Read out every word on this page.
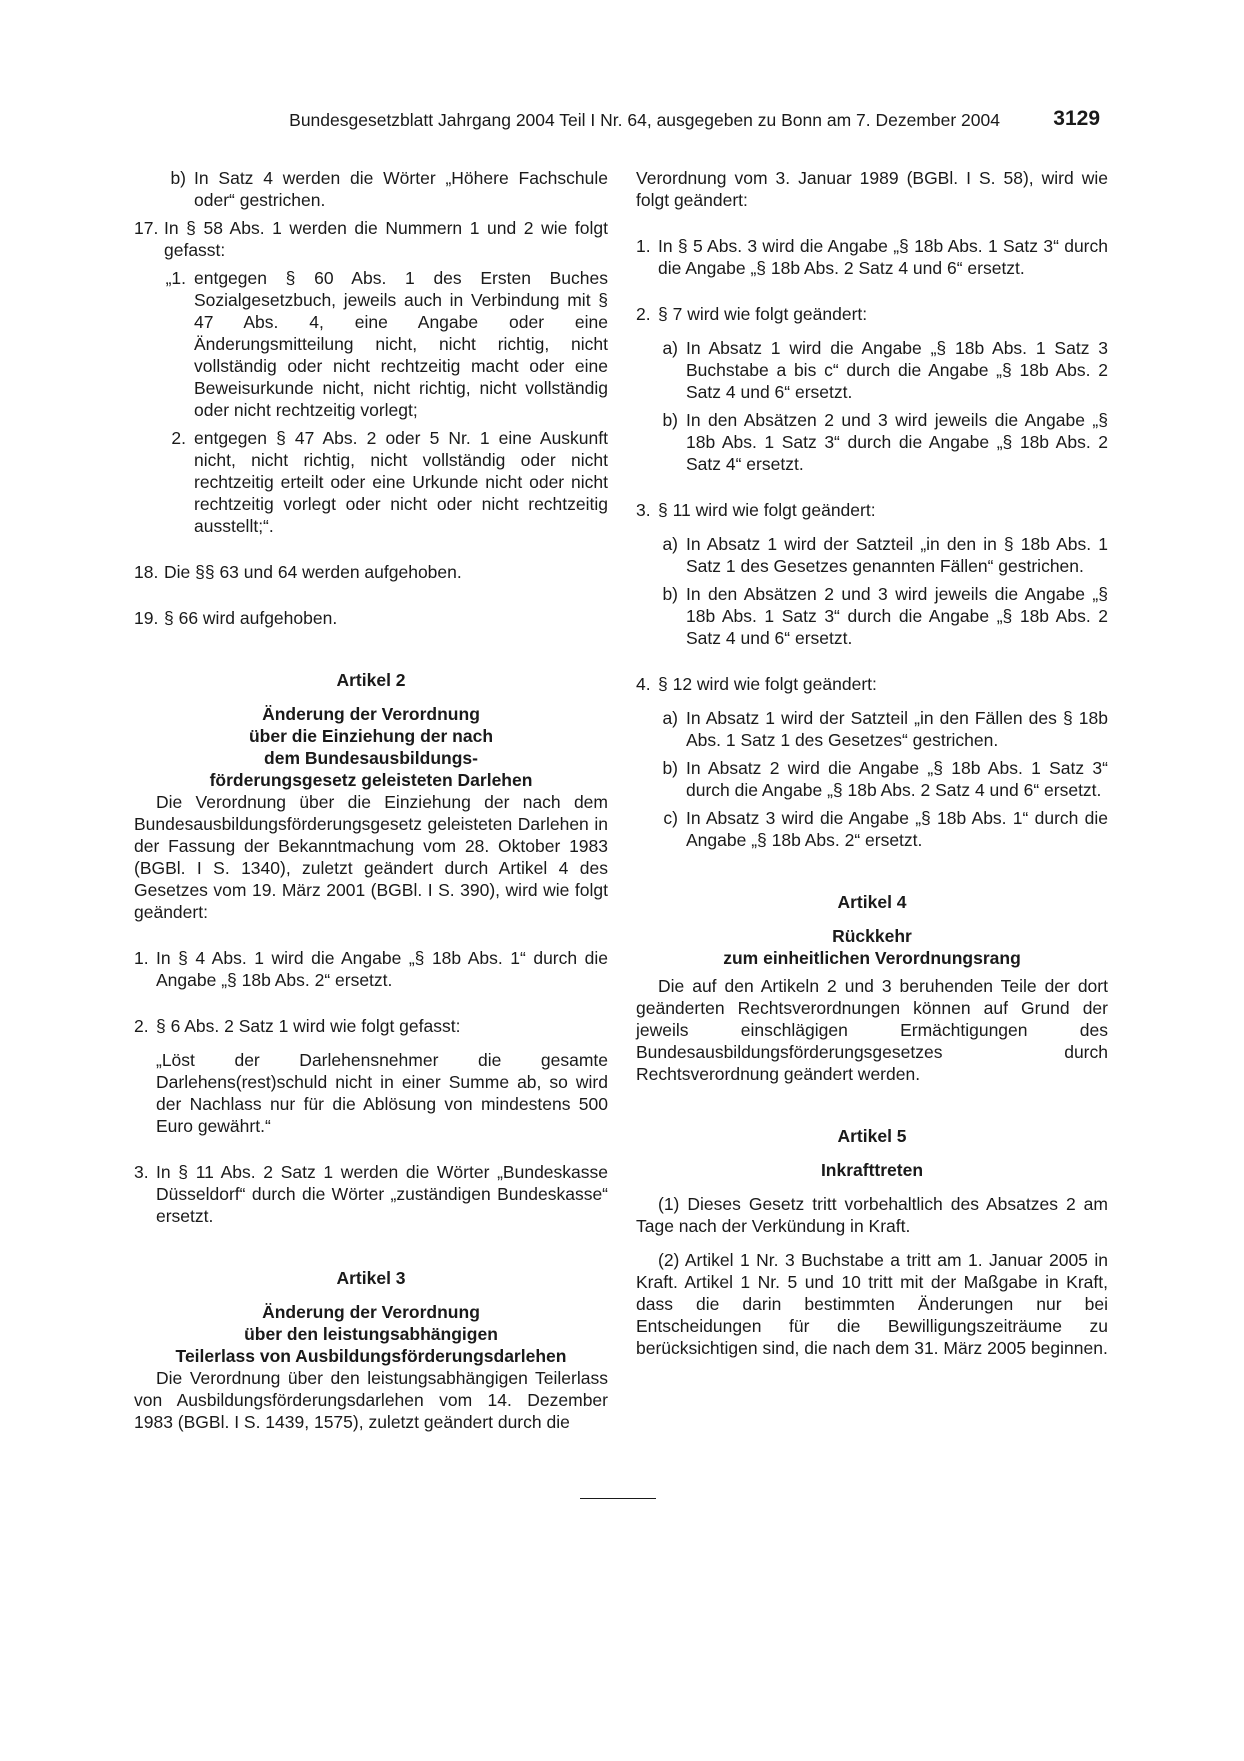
Bundesgesetzblatt Jahrgang 2004 Teil I Nr. 64, ausgegeben zu Bonn am 7. Dezember 2004	3129
b) In Satz 4 werden die Wörter „Höhere Fachschule oder“ gestrichen.
17. In § 58 Abs. 1 werden die Nummern 1 und 2 wie folgt gefasst:
„1. entgegen § 60 Abs. 1 des Ersten Buches Sozialgesetzbuch, jeweils auch in Verbindung mit § 47 Abs. 4, eine Angabe oder eine Änderungsmitteilung nicht, nicht richtig, nicht vollständig oder nicht rechtzeitig macht oder eine Beweisurkunde nicht, nicht richtig, nicht vollständig oder nicht rechtzeitig vorlegt;
2. entgegen § 47 Abs. 2 oder 5 Nr. 1 eine Auskunft nicht, nicht richtig, nicht vollständig oder nicht rechtzeitig erteilt oder eine Urkunde nicht oder nicht rechtzeitig vorlegt oder nicht oder nicht rechtzeitig ausstellt;“.
18. Die §§ 63 und 64 werden aufgehoben.
19. § 66 wird aufgehoben.
Artikel 2
Änderung der Verordnung
über die Einziehung der nach
dem Bundesausbildungs-
förderungsgesetz geleisteten Darlehen
Die Verordnung über die Einziehung der nach dem Bundesausbildungsförderungsgesetz geleisteten Darlehen in der Fassung der Bekanntmachung vom 28. Oktober 1983 (BGBl. I S. 1340), zuletzt geändert durch Artikel 4 des Gesetzes vom 19. März 2001 (BGBl. I S. 390), wird wie folgt geändert:
1. In § 4 Abs. 1 wird die Angabe „§ 18b Abs. 1“ durch die Angabe „§ 18b Abs. 2“ ersetzt.
2. § 6 Abs. 2 Satz 1 wird wie folgt gefasst:
„Löst der Darlehensnehmer die gesamte Darlehens(rest)schuld nicht in einer Summe ab, so wird der Nachlass nur für die Ablösung von mindestens 500 Euro gewährt.“
3. In § 11 Abs. 2 Satz 1 werden die Wörter „Bundeskasse Düsseldorf“ durch die Wörter „zuständigen Bundeskasse“ ersetzt.
Artikel 3
Änderung der Verordnung
über den leistungsabhängigen
Teilerlass von Ausbildungsförderungsdarlehen
Die Verordnung über den leistungsabhängigen Teilerlass von Ausbildungsförderungsdarlehen vom 14. Dezember 1983 (BGBl. I S. 1439, 1575), zuletzt geändert durch die
Verordnung vom 3. Januar 1989 (BGBl. I S. 58), wird wie folgt geändert:
1. In § 5 Abs. 3 wird die Angabe „§ 18b Abs. 1 Satz 3“ durch die Angabe „§ 18b Abs. 2 Satz 4 und 6“ ersetzt.
2. § 7 wird wie folgt geändert:
a) In Absatz 1 wird die Angabe „§ 18b Abs. 1 Satz 3 Buchstabe a bis c“ durch die Angabe „§ 18b Abs. 2 Satz 4 und 6“ ersetzt.
b) In den Absätzen 2 und 3 wird jeweils die Angabe „§ 18b Abs. 1 Satz 3“ durch die Angabe „§ 18b Abs. 2 Satz 4“ ersetzt.
3. § 11 wird wie folgt geändert:
a) In Absatz 1 wird der Satzteil „in den in § 18b Abs. 1 Satz 1 des Gesetzes genannten Fällen“ gestrichen.
b) In den Absätzen 2 und 3 wird jeweils die Angabe „§ 18b Abs. 1 Satz 3“ durch die Angabe „§ 18b Abs. 2 Satz 4 und 6“ ersetzt.
4. § 12 wird wie folgt geändert:
a) In Absatz 1 wird der Satzteil „in den Fällen des § 18b Abs. 1 Satz 1 des Gesetzes“ gestrichen.
b) In Absatz 2 wird die Angabe „§ 18b Abs. 1 Satz 3“ durch die Angabe „§ 18b Abs. 2 Satz 4 und 6“ ersetzt.
c) In Absatz 3 wird die Angabe „§ 18b Abs. 1“ durch die Angabe „§ 18b Abs. 2“ ersetzt.
Artikel 4
Rückkehr
zum einheitlichen Verordnungsrang
Die auf den Artikeln 2 und 3 beruhenden Teile der dort geänderten Rechtsverordnungen können auf Grund der jeweils einschlägigen Ermächtigungen des Bundesausbildungsförderungsgesetzes durch Rechtsverordnung geändert werden.
Artikel 5
Inkrafttreten
(1) Dieses Gesetz tritt vorbehaltlich des Absatzes 2 am Tage nach der Verkündung in Kraft.
(2) Artikel 1 Nr. 3 Buchstabe a tritt am 1. Januar 2005 in Kraft. Artikel 1 Nr. 5 und 10 tritt mit der Maßgabe in Kraft, dass die darin bestimmten Änderungen nur bei Entscheidungen für die Bewilligungszeiträume zu berücksichtigen sind, die nach dem 31. März 2005 beginnen.
